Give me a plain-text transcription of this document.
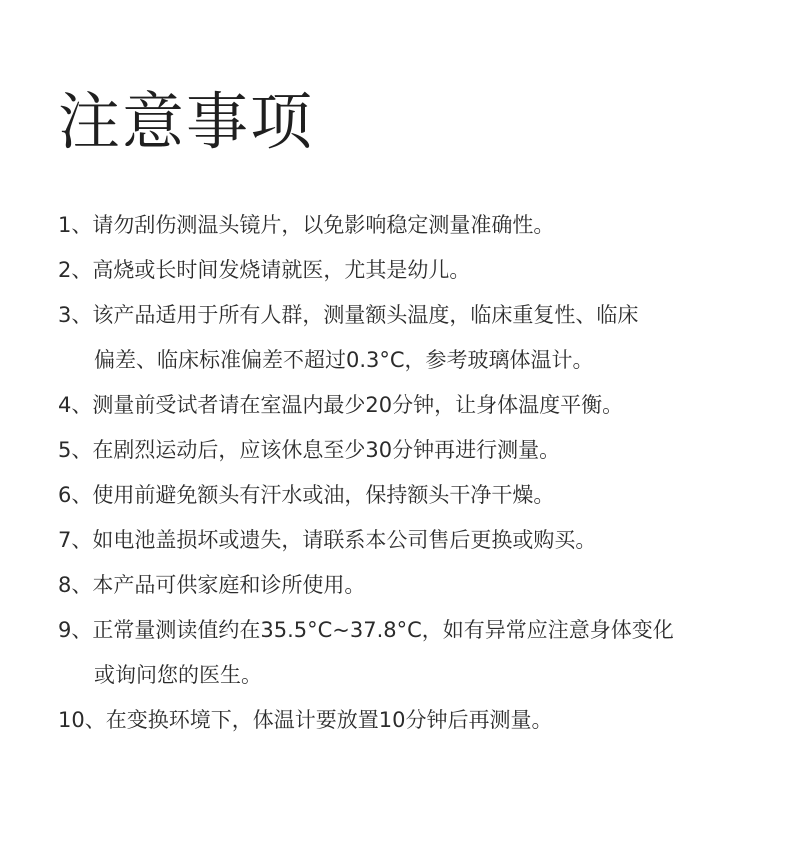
注意事项
1、请勿刮伤测温头镜片，以免影响稳定测量准确性。
2、高烧或长时间发烧请就医，尤其是幼儿。
3、该产品适用于所有人群，测量额头温度，临床重复性、临床
偏差、临床标准偏差不超过0.3°C，参考玻璃体温计。
4、测量前受试者请在室温内最少20分钟，让身体温度平衡。
5、在剧烈运动后，应该休息至少30分钟再进行测量。
6、使用前避免额头有汗水或油，保持额头干净干燥。
7、如电池盖损坏或遗失，请联系本公司售后更换或购买。
8、本产品可供家庭和诊所使用。
9、正常量测读值约在35.5°C~37.8°C，如有异常应注意身体变化
或询问您的医生。
10、在变换环境下，体温计要放置10分钟后再测量。
